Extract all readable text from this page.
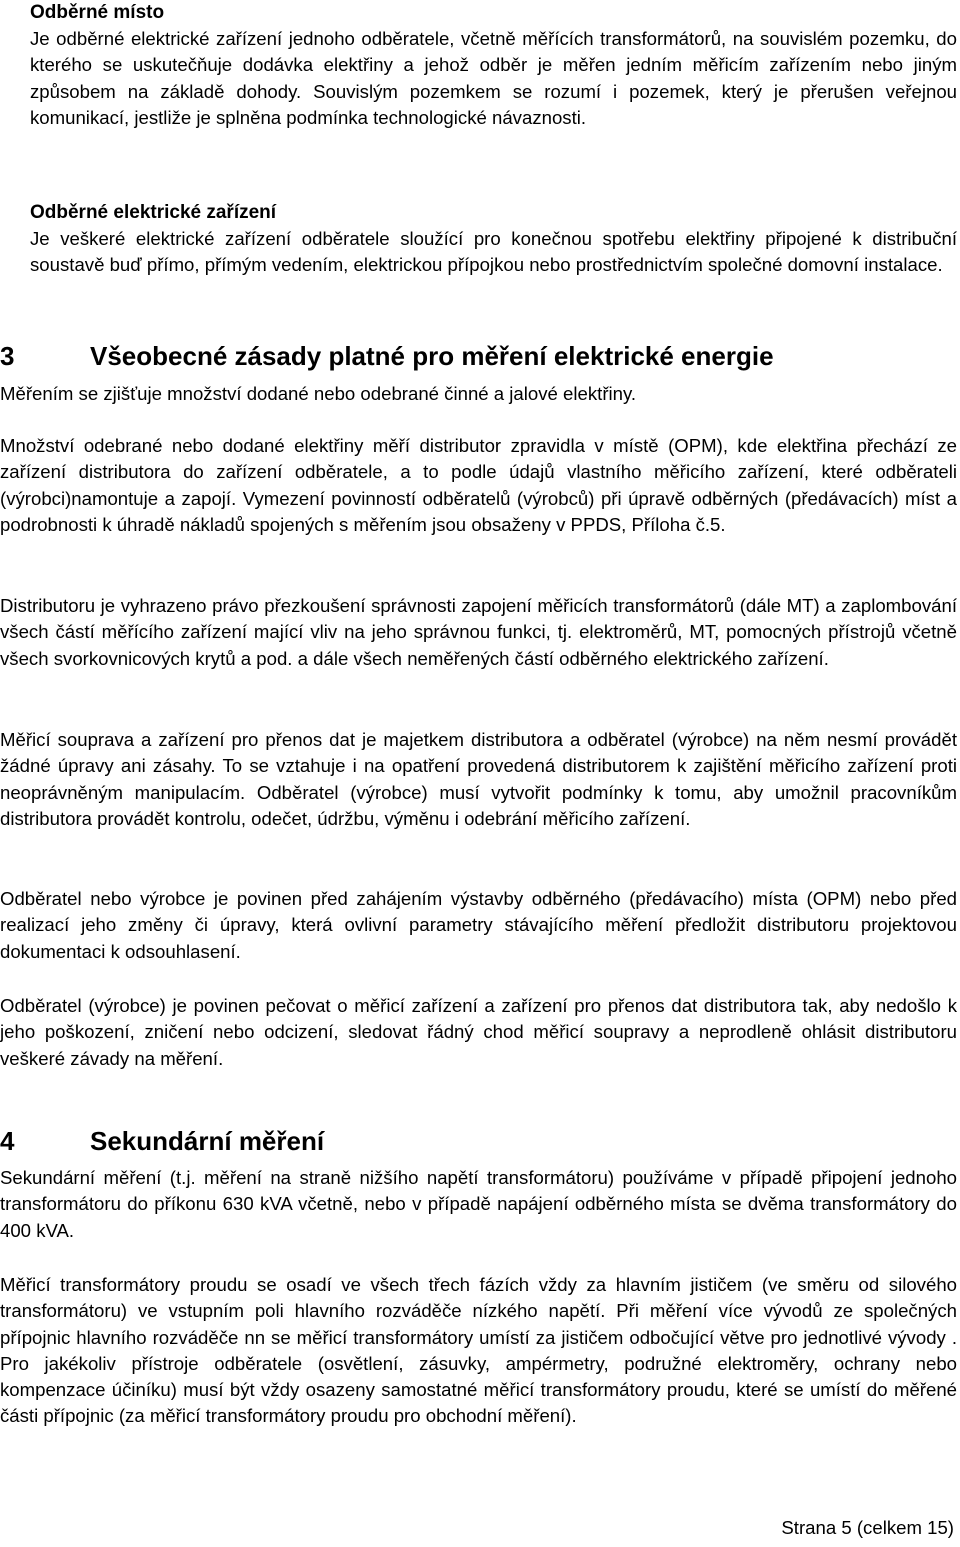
Odběrné místo

Je odběrné elektrické zařízení jednoho odběratele, včetně měřících transformátorů, na souvislém pozemku, do kterého se uskutečňuje dodávka elektřiny a jehož odběr je měřen jedním měřicím zařízením nebo jiným způsobem na základě dohody. Souvislým pozemkem se rozumí i pozemek, který je přerušen veřejnou komunikací, jestliže je splněna podmínka technologické návaznosti.

Odběrné elektrické zařízení

Je veškeré elektrické zařízení odběratele sloužící pro konečnou spotřebu elektřiny připojené k distribuční soustavě buď přímo, přímým vedením, elektrickou přípojkou nebo prostřednictvím společné domovní instalace.

3	Všeobecné zásady platné pro měření elektrické energie

Měřením se zjišťuje množství dodané nebo odebrané činné a jalové elektřiny.

Množství odebrané nebo dodané elektřiny měří distributor zpravidla v místě (OPM), kde elektřina přechází ze zařízení distributora do zařízení odběratele, a to podle údajů vlastního měřicího zařízení, které odběrateli (výrobci)namontuje a zapojí. Vymezení povinností odběratelů (výrobců) při úpravě odběrných (předávacích) míst a podrobnosti k úhradě nákladů spojených s měřením jsou obsaženy v PPDS, Příloha č.5.

Distributoru je vyhrazeno právo přezkoušení správnosti zapojení měřicích transformátorů (dále MT) a zaplombování všech částí měřícího zařízení mající vliv na jeho správnou funkci, tj. elektroměrů, MT, pomocných přístrojů včetně všech svorkovnicových krytů a pod. a dále všech neměřených částí odběrného elektrického zařízení.

Měřicí souprava a zařízení pro přenos dat je majetkem distributora a odběratel (výrobce) na něm nesmí provádět žádné úpravy ani zásahy. To se vztahuje i na opatření provedená distributorem k zajištění měřicího zařízení proti neoprávněným manipulacím. Odběratel (výrobce) musí vytvořit podmínky k tomu, aby umožnil pracovníkům distributora provádět kontrolu, odečet, údržbu, výměnu i odebrání měřicího zařízení.

Odběratel nebo výrobce je povinen před zahájením výstavby odběrného (předávacího) místa (OPM) nebo před realizací jeho změny či úpravy, která ovlivní parametry stávajícího měření předložit distributoru projektovou dokumentaci k odsouhlasení.

Odběratel (výrobce) je povinen pečovat o měřicí zařízení a zařízení pro přenos dat distributora tak, aby nedošlo k jeho poškození, zničení nebo odcizení, sledovat řádný chod měřicí soupravy a neprodleně ohlásit distributoru veškeré závady na měření.

4	Sekundární měření

Sekundární měření (t.j. měření na straně nižšího napětí transformátoru) používáme v případě připojení jednoho transformátoru do příkonu 630 kVA včetně, nebo v případě napájení odběrného místa se dvěma transformátory do 400 kVA.

Měřicí transformátory proudu se osadí ve všech třech fázích vždy za hlavním jističem (ve směru od silového transformátoru) ve vstupním poli hlavního rozváděče nízkého napětí. Při měření více vývodů ze společných přípojnic hlavního rozváděče nn se měřicí transformátory umístí za jističem odbočující větve pro jednotlivé vývody . Pro jakékoliv přístroje odběratele (osvětlení, zásuvky, ampérmetry, podružné elektroměry, ochrany nebo kompenzace účiníku) musí být vždy osazeny samostatné měřicí transformátory proudu, které se umístí do měřené části přípojnic (za měřicí transformátory proudu pro obchodní měření).

Strana 5 (celkem 15)
